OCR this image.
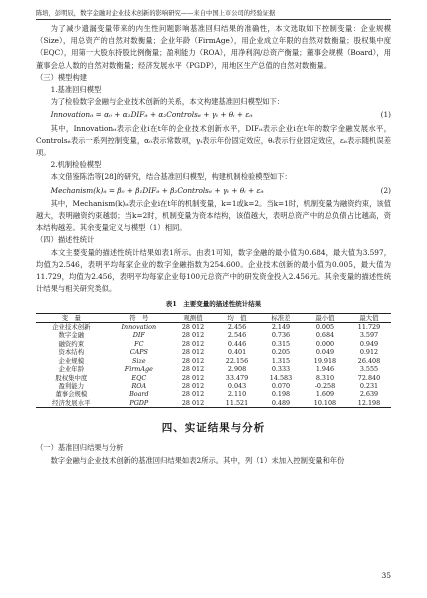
陈培，彭明辰，数字金融对企业技术创新的影响研究——来自中国上市公司的经验证据

为了减少遗漏变量带来的内生性问题影响基准回归结果的准确性，本文选取如下控制变量：企业规模（Size），用总资产的自然对数衡量；企业年龄（FirmAge），用企业成立年限的自然对数衡量；股权集中度（EQC），用第一大股东持股比例衡量；盈利能力（ROA），用净利润/总资产衡量；董事会规模（Board），用董事会总人数的自然对数衡量；经济发展水平（PGDP），用地区生产总值的自然对数衡量。

（三）模型构建

1.基准回归模型

为了检验数字金融与企业技术创新的关系，本文构建基准回归模型如下：

Innovationᵢₜ = α₀ + α₁DIFᵢₜ + α₂Controlsᵢₜ + γₜ + θᵢ + εᵢₜ	(1)

其中，Innovationᵢₜ表示企业i在t年的企业技术创新水平，DIFᵢₜ表示企业i在t年的数字金融发展水平，Controlsᵢₜ表示一系列控制变量，α₀表示常数项，γₜ表示年份固定效应，θᵢ表示行业固定效应，εᵢₜ表示随机误差项。

2.机制检验模型

本文借鉴陈浩等[28]的研究，结合基准回归模型，构建机制检验模型如下：

Mechanism(k)ᵢₜ = β₀ + β₁DIFᵢₜ + β₂Controlsᵢₜ + γₜ + θᵢ + εᵢₜ	(2)

其中，Mechanism(k)ᵢₜ表示企业i在t年的机制变量，k=1或k=2。当k=1时，机制变量为融资约束，该值越大，表明融资约束越弱；当k=2时，机制变量为资本结构，该值越大，表明总资产中的总负债占比越高，资本结构越差。其余变量定义与模型（1）相同。

（四）描述性统计

本文主要变量的描述性统计结果如表1所示。由表1可知，数字金融的最小值为0.684，最大值为3.597，均值为2.546，表明平均每家企业的数字金融指数为254.600。企业技术创新的最小值为0.005，最大值为11.729，均值为2.456，表明平均每家企业每100元总资产中的研发资金投入2.456元。其余变量的描述性统计结果与相关研究类似。

表1　主要变量的描述性统计结果
变　量	符　号	观测值	均　值	标准差	最小值	最大值
企业技术创新	Innovation	28 012	2.456	2.149	0.005	11.729
数字金融	DIF	28 012	2.546	0.736	0.684	3.597
融资约束	FC	28 012	0.446	0.315	0.000	0.949
资本结构	CAPS	28 012	0.401	0.205	0.049	0.912
企业规模	Size	28 012	22.156	1.315	19.918	26.408
企业年龄	FirmAge	28 012	2.908	0.333	1.946	3.555
股权集中度	EQC	28 012	33.479	14.583	8.310	72.840
盈利能力	ROA	28 012	0.043	0.070	-0.258	0.231
董事会规模	Board	28 012	2.110	0.198	1.609	2.639
经济发展水平	PGDP	28 012	11.521	0.489	10.108	12.198
四、实证结果与分析

（一）基准回归结果与分析

数字金融与企业技术创新的基准回归结果如表2所示。其中，列（1）未加入控制变量和年份

35
